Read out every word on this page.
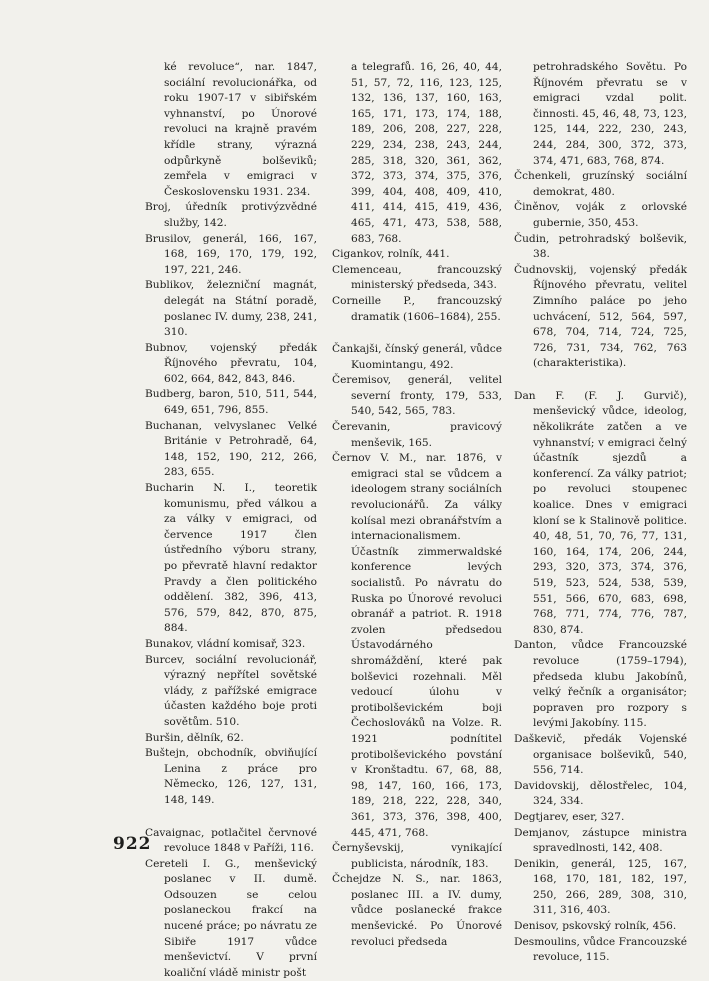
ké revoluce“, nar. 1847, sociální revolucionářka, od roku 1907-17 v sibiřském vyhnanství, po Únorové revoluci na krajně pravém křídle strany, výrazná odpůrkyně bolševiků; zemřela v emigraci v Československu 1931. 234.

Broj, úředník protivýzvědné služby, 142.

Brusilov, generál, 166, 167, 168, 169, 170, 179, 192, 197, 221, 246.

Bublikov, železniční magnát, delegát na Státní poradě, poslanec IV. dumy, 238, 241, 310.

Bubnov, vojenský předák Říjnového převratu, 104, 602, 664, 842, 843, 846.

Budberg, baron, 510, 511, 544, 649, 651, 796, 855.

Buchanan, velvyslanec Velké Británie v Petrohradě, 64, 148, 152, 190, 212, 266, 283, 655.

Bucharin N. I., teoretik komunismu, před válkou a za války v emigraci, od července 1917 člen ústředního výboru strany, po převratě hlavní redaktor Pravdy a člen politického oddělení. 382, 396, 413, 576, 579, 842, 870, 875, 884.

Bunakov, vládní komisař, 323.

Burcev, sociální revolucionář, výrazný nepřítel sovětské vlády, z pařížské emigrace účasten každého boje proti sovětům. 510.

Buršin, dělník, 62.

Buštejn, obchodník, obviňující Lenina z práce pro Německo, 126, 127, 131, 148, 149.

Cavaignac, potlačitel červnové revoluce 1848 v Paříži, 116.

Cereteli I. G., menševický poslanec v II. dumě. Odsouzen se celou poslaneckou frakcí na nucené práce; po návratu ze Sibiře 1917 vůdce menševictví. V první koaliční vládě ministr pošt

a telegrafů. 16, 26, 40, 44, 51, 57, 72, 116, 123, 125, 132, 136, 137, 160, 163, 165, 171, 173, 174, 188, 189, 206, 208, 227, 228, 229, 234, 238, 243, 244, 285, 318, 320, 361, 362, 372, 373, 374, 375, 376, 399, 404, 408, 409, 410, 411, 414, 415, 419, 436, 465, 471, 473, 538, 588, 683, 768.

Cigankov, rolník, 441.

Clemenceau, francouzský ministerský předseda, 343.

Corneille P., francouzský dramatik (1606–1684), 255.

Čankajši, čínský generál, vůdce Kuomintangu, 492.

Čeremisov, generál, velitel severní fronty, 179, 533, 540, 542, 565, 783.

Čerevanin, pravicový menševik, 165.

Černov V. M., nar. 1876, v emigraci stal se vůdcem a ideologem strany sociálních revolucionářů. Za války kolísal mezi obranářstvím a internacionalismem. Účastník zimmerwaldské konference levých socialistů. Po návratu do Ruska po Únorové revoluci obranář a patriot. R. 1918 zvolen předsedou Ústavodárného shromáždění, které pak bolševici rozehnali. Měl vedoucí úlohu v protibolševickém boji Čechoslováků na Volze. R. 1921 podnítitel protibolševického povstání v Kronštadtu. 67, 68, 88, 98, 147, 160, 166, 173, 189, 218, 222, 228, 340, 361, 373, 376, 398, 400, 445, 471, 768.

Černyševskij, vynikající publicista, národník, 183.

Čchejdze N. S., nar. 1863, poslanec III. a IV. dumy, vůdce poslanecké frakce menševické. Po Únorové revoluci předseda

petrohradského Sovětu. Po Říjnovém převratu se v emigraci vzdal polit. činnosti. 45, 46, 48, 73, 123, 125, 144, 222, 230, 243, 244, 284, 300, 372, 373, 374, 471, 683, 768, 874.

Čchenkeli, gruzínský sociální demokrat, 480.

Činěnov, voják z orlovské gubernie, 350, 453.

Čudin, petrohradský bolševik, 38.

Čudnovskij, vojenský předák Říjnového převratu, velitel Zimního paláce po jeho uchvácení, 512, 564, 597, 678, 704, 714, 724, 725, 726, 731, 734, 762, 763 (charakteristika).

Dan F. (F. J. Gurvič), menševický vůdce, ideolog, několikráte zatčen a ve vyhnanství; v emigraci čelný účastník sjezdů a konferencí. Za války patriot; po revoluci stoupenec koalice. Dnes v emigraci kloní se k Stalinově politice. 40, 48, 51, 70, 76, 77, 131, 160, 164, 174, 206, 244, 293, 320, 373, 374, 376, 519, 523, 524, 538, 539, 551, 566, 670, 683, 698, 768, 771, 774, 776, 787, 830, 874.

Danton, vůdce Francouzské revoluce (1759–1794), předseda klubu Jakobínů, velký řečník a organisátor; popraven pro rozpory s levými Jakobíny. 115.

Daškevič, předák Vojenské organisace bolševiků, 540, 556, 714.

Davidovskij, dělostřelec, 104, 324, 334.

Degtjarev, eser, 327.

Demjanov, zástupce ministra spravedlnosti, 142, 408.

Denikin, generál, 125, 167, 168, 170, 181, 182, 197, 250, 266, 289, 308, 310, 311, 316, 403.

Denisov, pskovský rolník, 456.

Desmoulins, vůdce Francouzské revoluce, 115.

922
